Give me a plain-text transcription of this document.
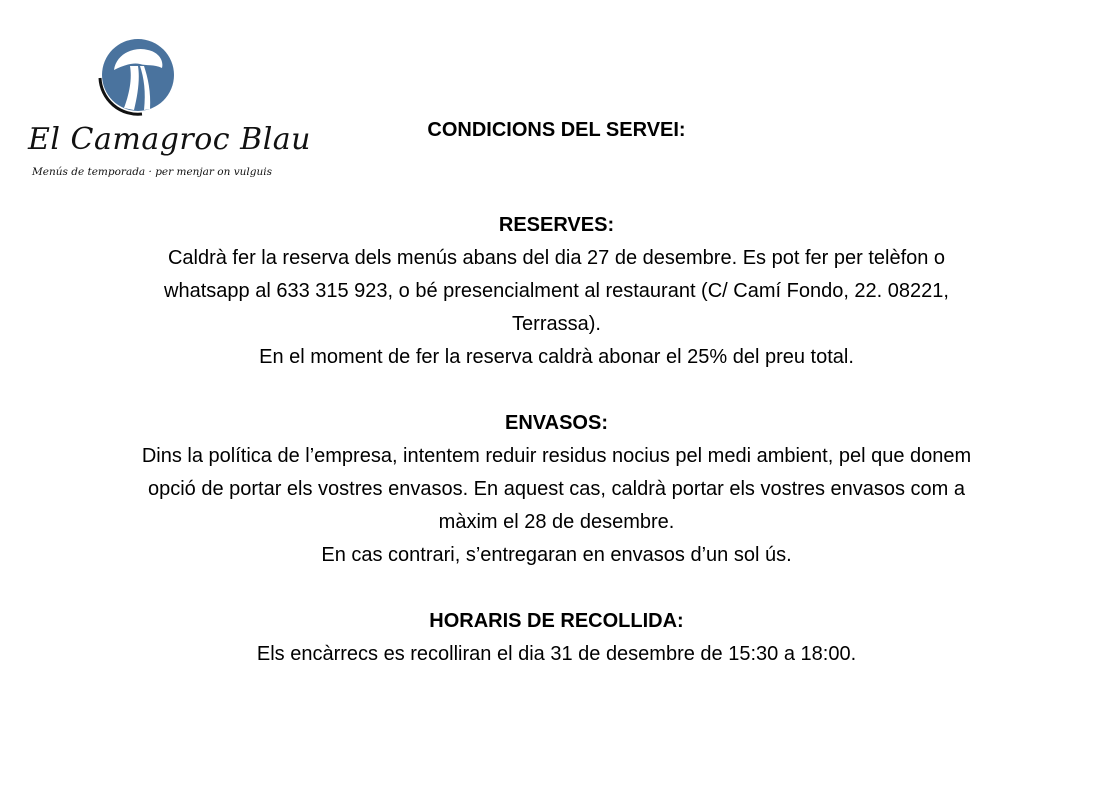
El Camagroc Blau
Menús de temporada · per menjar on vulguis
CONDICIONS DEL SERVEI:
RESERVES:
Caldrà fer la reserva dels menús abans del dia 27 de desembre. Es pot fer per telèfon o
whatsapp al 633 315 923, o bé presencialment al restaurant (C/ Camí Fondo, 22. 08221,
Terrassa).
En el moment de fer la reserva caldrà abonar el 25% del preu total.
ENVASOS:
Dins la política de l’empresa, intentem reduir residus nocius pel medi ambient, pel que donem
opció de portar els vostres envasos. En aquest cas, caldrà portar els vostres envasos com a
màxim el 28 de desembre.
En cas contrari, s’entregaran en envasos d’un sol ús.
HORARIS DE RECOLLIDA:
Els encàrrecs es recolliran el dia 31 de desembre de 15:30 a 18:00.
